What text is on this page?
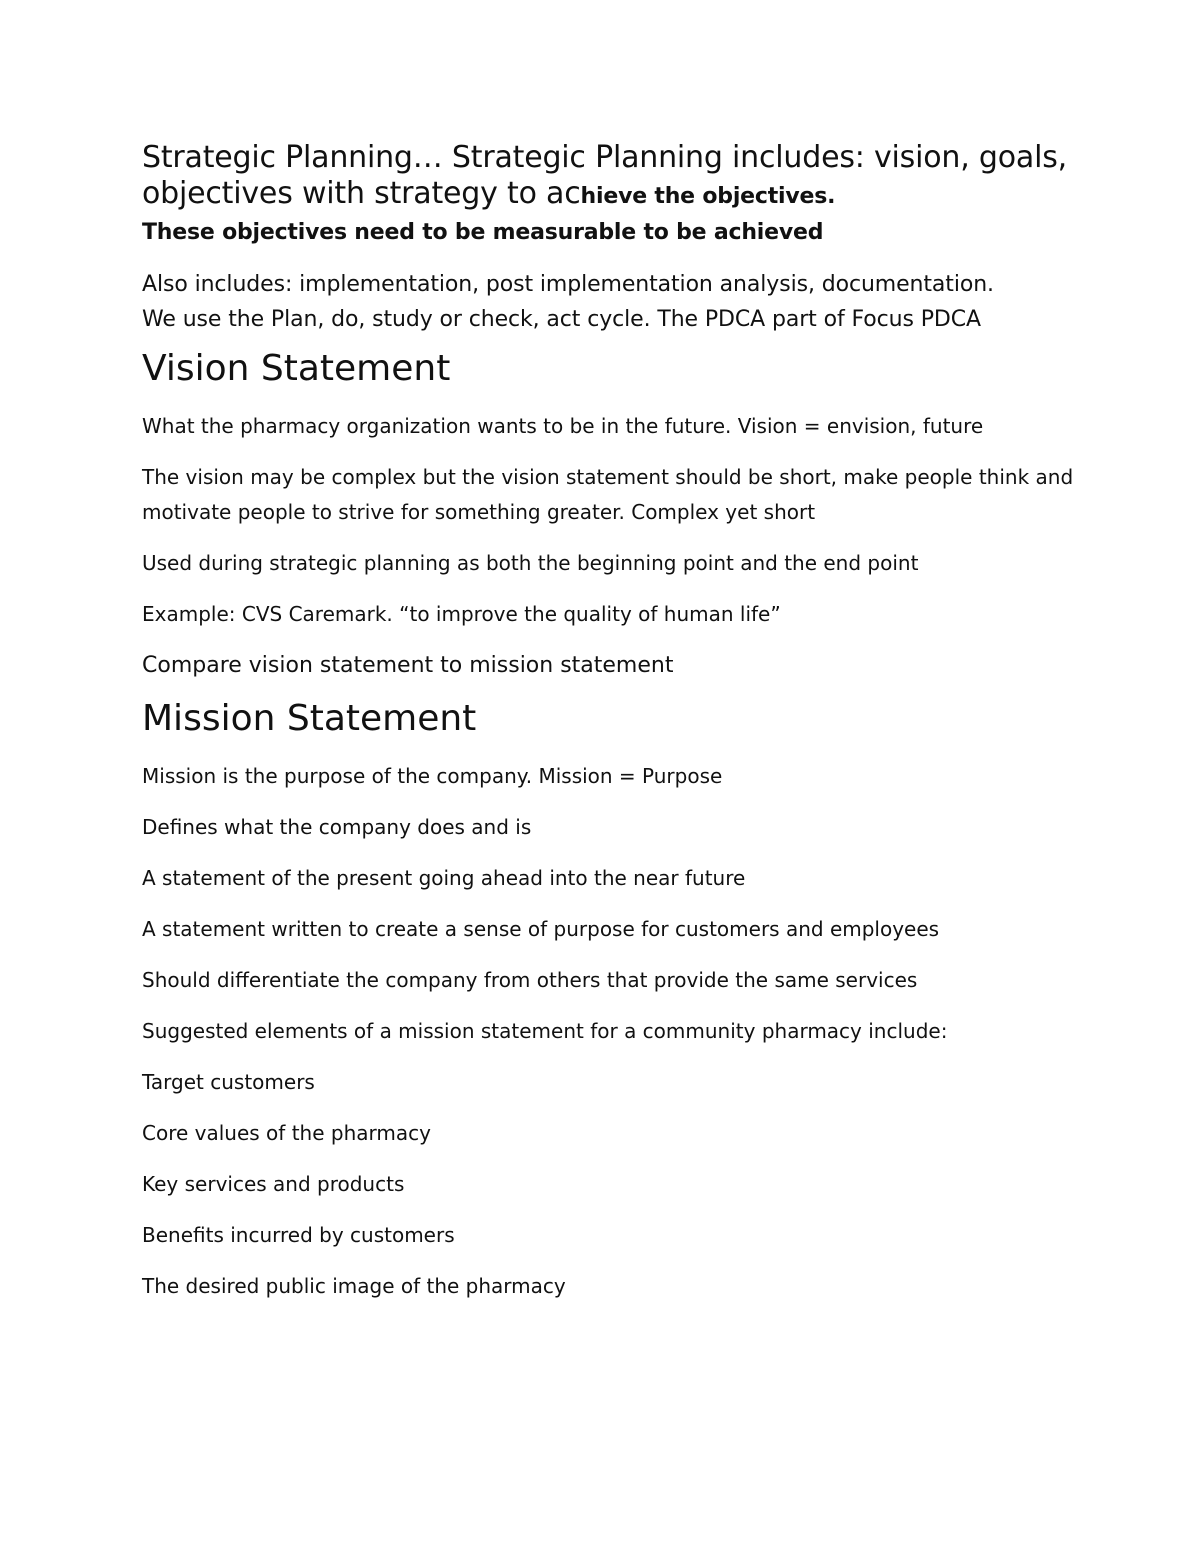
Strategic Planning… Strategic Planning includes: vision, goals, objectives with strategy to achieve the objectives.

These objectives need to be measurable to be achieved

Also includes: implementation, post implementation analysis, documentation.
We use the Plan, do, study or check, act cycle. The PDCA part of Focus PDCA

Vision Statement

What the pharmacy organization wants to be in the future. Vision = envision, future

The vision may be complex but the vision statement should be short, make people think and motivate people to strive for something greater. Complex yet short

Used during strategic planning as both the beginning point and the end point

Example: CVS Caremark. “to improve the quality of human life”

Compare vision statement to mission statement

Mission Statement

Mission is the purpose of the company. Mission = Purpose

Defines what the company does and is

A statement of the present going ahead into the near future

A statement written to create a sense of purpose for customers and employees

Should differentiate the company from others that provide the same services

Suggested elements of a mission statement for a community pharmacy include:

Target customers

Core values of the pharmacy

Key services and products

Benefits incurred by customers

The desired public image of the pharmacy
